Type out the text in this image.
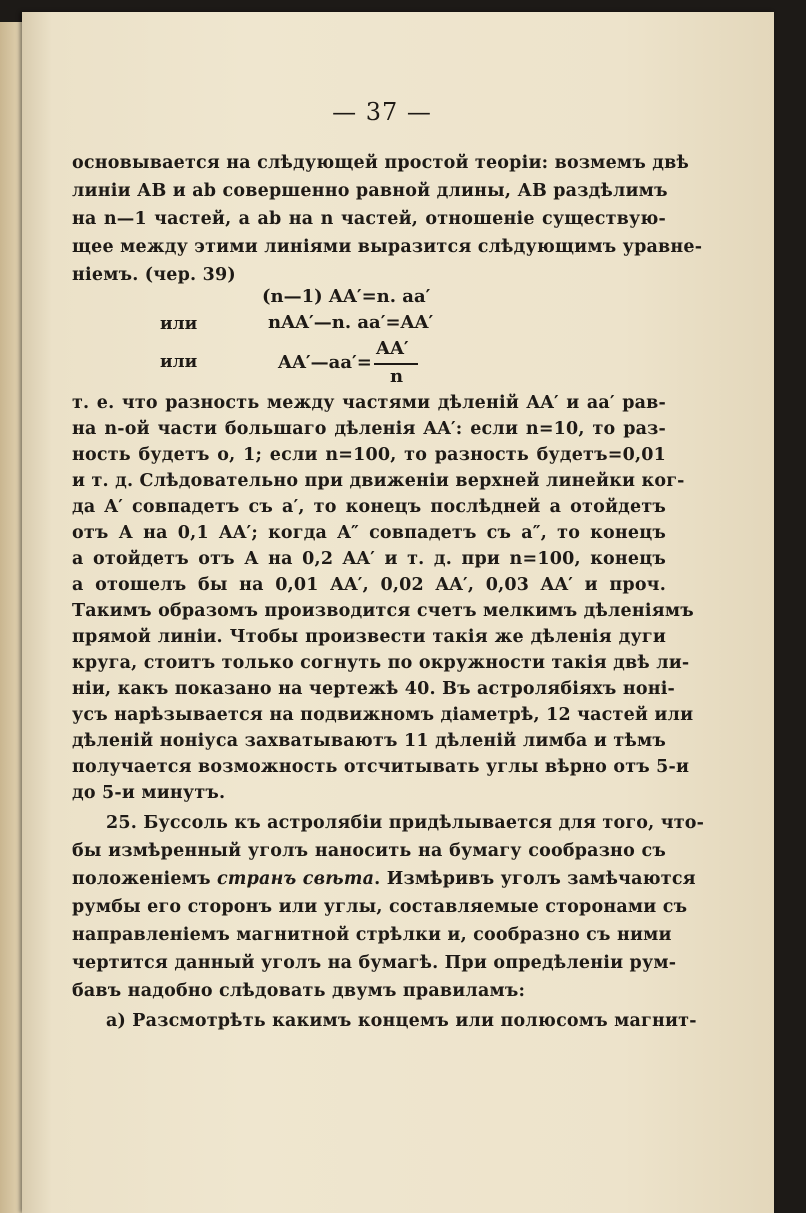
— 37 —
основывается на слѣдующей простой теоріи: возмемъ двѣ
линіи АВ и аb совершенно равной длины, АВ раздѣлимъ
на n—1 частей, а аb на n частей, отношеніе существую-
щее между этими линіями выразится слѣдующимъ уравне-
ніемъ. (чер. 39)
(n—1) AA′=n. aa′
или	nAA′—n. aa′=AA′
или	AA′—aa′=
AA′
n
т. е. что разность между частями дѣленій AA′ и aa′ рав-
на n-ой части большаго дѣленія AA′: если n=10, то раз-
ность будетъ о, 1; если n=100, то разность будетъ=0,01
и т. д. Слѣдовательно при движеніи верхней линейки ког-
да A′ совпадетъ съ а′, то конецъ послѣдней а отойдетъ
отъ А на 0,1 AA′; когда A″ совпадетъ съ а″, то конецъ
а отойдетъ отъ А на 0,2 AA′ и т. д. при n=100, конецъ
а отошелъ бы на 0,01 AA′, 0,02 AA′, 0,03 AA′ и проч.
Такимъ образомъ производится счетъ мелкимъ дѣленіямъ
прямой линіи. Чтобы произвести такія же дѣленія дуги
круга, стоитъ только согнуть по окружности такія двѣ ли-
ніи, какъ показано на чертежѣ 40. Въ астролябіяхъ ноні-
усъ нарѣзывается на подвижномъ діаметрѣ, 12 частей или
дѣленій ноніуса захватываютъ 11 дѣленій лимба и тѣмъ
получается возможность отсчитывать углы вѣрно отъ 5-и
до 5-и минутъ.
25. Буссоль къ астролябіи придѣлывается для того, что-
бы измѣренный уголъ наносить на бумагу сообразно съ
положеніемъ странъ свѣта. Измѣривъ уголъ замѣчаются
румбы его сторонъ или углы, составляемые сторонами съ
направленіемъ магнитной стрѣлки и, сообразно съ ними
чертится данный уголъ на бумагѣ. При опредѣленіи рум-
бавъ надобно слѣдовать двумъ правиламъ:
а) Разсмотрѣть какимъ концемъ или полюсомъ магнит-
